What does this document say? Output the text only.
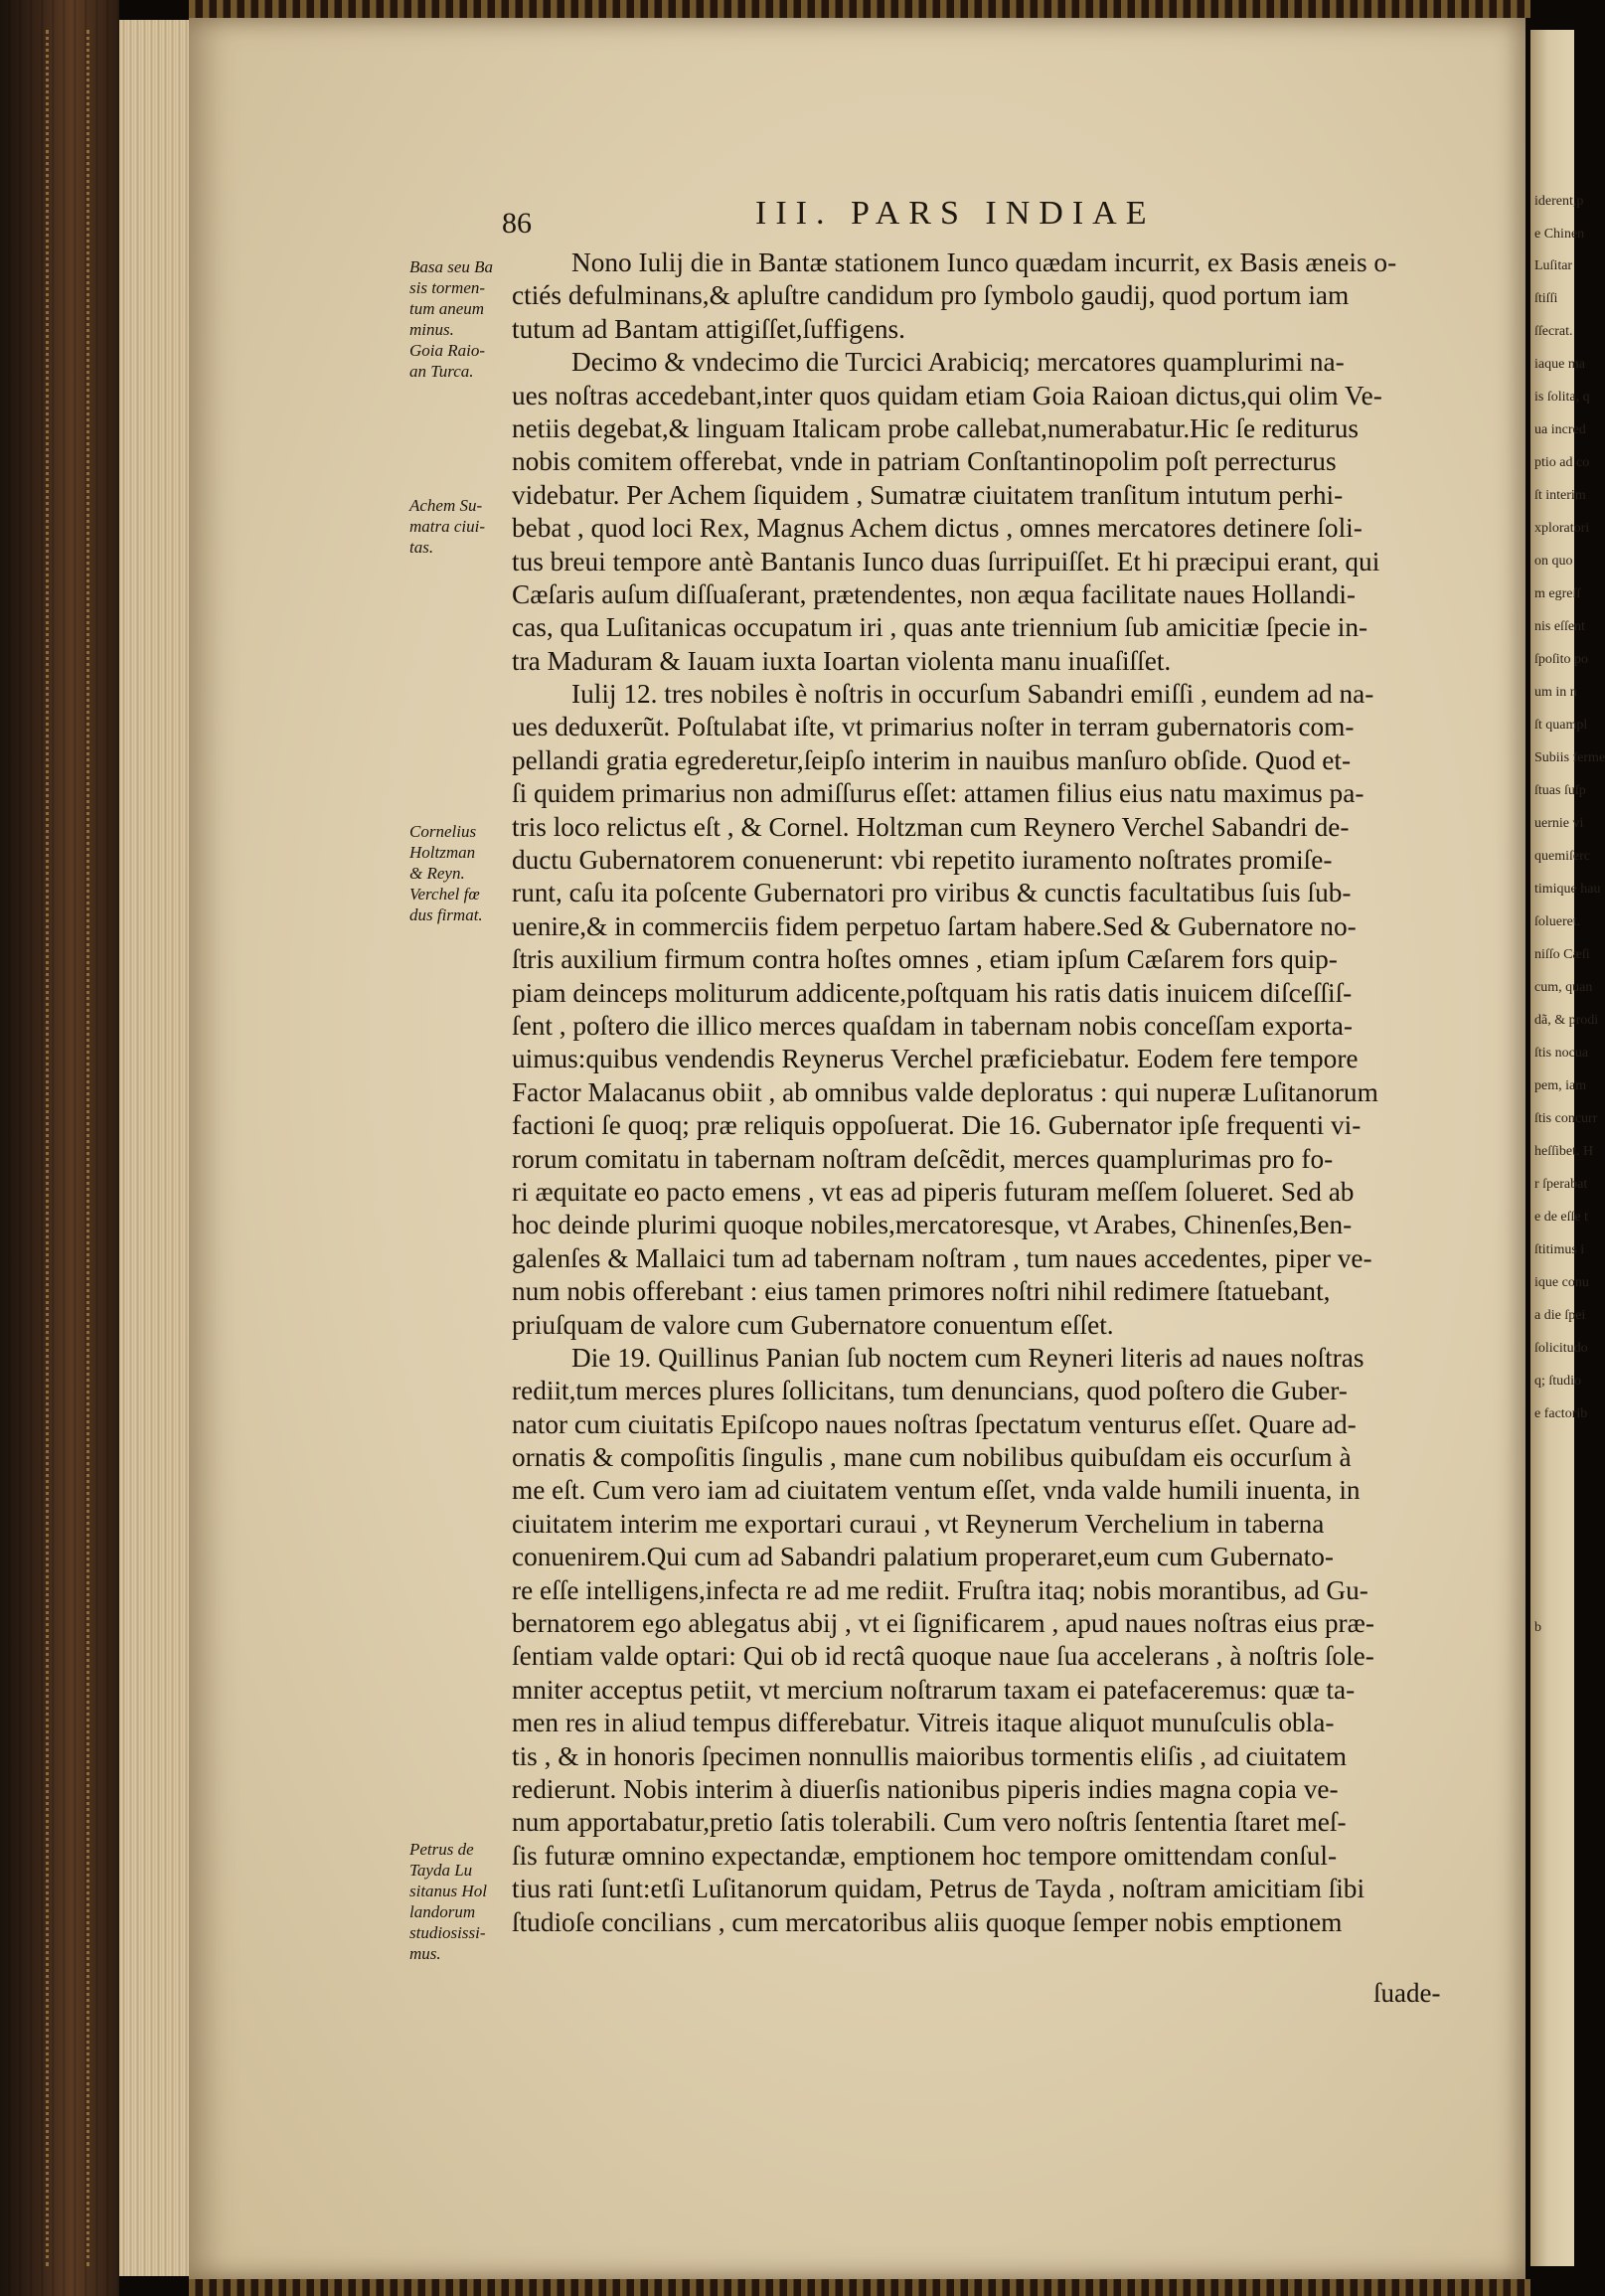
86	III. PARS INDIAE
Basa seu Ba
sis tormen-
tum aneum
minus.
Goia Raio-
an Turca.
Achem Su-
matra ciui-
tas.
Cornelius
Holtzman
& Reyn.
Verchel fœ
dus firmat.
Petrus de
Tayda Lu
sitanus Hol
landorum
studiosissi-
mus.
Nono Iulij die in Bantæ stationem Iunco quædam incurrit, ex Basis æneis o-
ctiés defulminans,& apluſtre candidum pro ſymbolo gaudij, quod portum iam
tutum ad Bantam attigiſſet,ſuffigens.
Decimo & vndecimo die Turcici Arabiciq; mercatores quamplurimi na-
ues noſtras accedebant,inter quos quidam etiam Goia Raioan dictus,qui olim Ve-
netiis degebat,& linguam Italicam probe callebat,numerabatur.Hic ſe rediturus
nobis comitem offerebat, vnde in patriam Conſtantinopolim poſt perrecturus
videbatur. Per Achem ſiquidem , Sumatræ ciuitatem tranſitum intutum perhi-
bebat , quod loci Rex, Magnus Achem dictus , omnes mercatores detinere ſoli-
tus breui tempore antè Bantanis Iunco duas ſurripuiſſet. Et hi præcipui erant, qui
Cæſaris auſum diſſuaſerant, prætendentes, non æqua facilitate naues Hollandi-
cas, qua Luſitanicas occupatum iri , quas ante triennium ſub amicitiæ ſpecie in-
tra Maduram & Iauam iuxta Ioartan violenta manu inuaſiſſet.
Iulij 12. tres nobiles è noſtris in occurſum Sabandri emiſſi , eundem ad na-
ues deduxerũt. Poſtulabat iſte, vt primarius noſter in terram gubernatoris com-
pellandi gratia egrederetur,ſeipſo interim in nauibus manſuro obſide. Quod et-
ſi quidem primarius non admiſſurus eſſet: attamen filius eius natu maximus pa-
tris loco relictus eſt , & Cornel. Holtzman cum Reynero Verchel Sabandri de-
ductu Gubernatorem conuenerunt: vbi repetito iuramento noſtrates promiſe-
runt, caſu ita poſcente Gubernatori pro viribus & cunctis facultatibus ſuis ſub-
uenire,& in commerciis fidem perpetuo ſartam habere.Sed & Gubernatore no-
ſtris auxilium firmum contra hoſtes omnes , etiam ipſum Cæſarem fors quip-
piam deinceps moliturum addicente,poſtquam his ratis datis inuicem diſceſſiſ-
ſent , poſtero die illico merces quaſdam in tabernam nobis conceſſam exporta-
uimus:quibus vendendis Reynerus Verchel præficiebatur. Eodem fere tempore
Factor Malacanus obiit , ab omnibus valde deploratus : qui nuperæ Luſitanorum
factioni ſe quoq; præ reliquis oppoſuerat. Die 16. Gubernator ipſe frequenti vi-
rorum comitatu in tabernam noſtram deſcẽdit, merces quamplurimas pro fo-
ri æquitate eo pacto emens , vt eas ad piperis futuram meſſem ſolueret. Sed ab
hoc deinde plurimi quoque nobiles,mercatoresque, vt Arabes, Chinenſes,Ben-
galenſes & Mallaici tum ad tabernam noſtram , tum naues accedentes, piper ve-
num nobis offerebant : eius tamen primores noſtri nihil redimere ſtatuebant,
priuſquam de valore cum Gubernatore conuentum eſſet.
Die 19. Quillinus Panian ſub noctem cum Reyneri literis ad naues noſtras
rediit,tum merces plures ſollicitans, tum denuncians, quod poſtero die Guber-
nator cum ciuitatis Epiſcopo naues noſtras ſpectatum venturus eſſet. Quare ad-
ornatis & compoſitis ſingulis , mane cum nobilibus quibuſdam eis occurſum à
me eſt. Cum vero iam ad ciuitatem ventum eſſet, vnda valde humili inuenta, in
ciuitatem interim me exportari curaui , vt Reynerum Verchelium in taberna
conuenirem.Qui cum ad Sabandri palatium properaret,eum cum Gubernato-
re eſſe intelligens,infecta re ad me rediit. Fruſtra itaq; nobis morantibus, ad Gu-
bernatorem ego ablegatus abij , vt ei ſignificarem , apud naues noſtras eius præ-
ſentiam valde optari: Qui ob id rectâ quoque naue ſua accelerans , à noſtris ſole-
mniter acceptus petiit, vt mercium noſtrarum taxam ei patefaceremus: quæ ta-
men res in aliud tempus differebatur. Vitreis itaque aliquot munuſculis obla-
tis , & in honoris ſpecimen nonnullis maioribus tormentis eliſis , ad ciuitatem
redierunt. Nobis interim à diuerſis nationibus piperis indies magna copia ve-
num apportabatur,pretio ſatis tolerabili. Cum vero noſtris ſententia ſtaret meſ-
ſis futuræ omnino expectandæ, emptionem hoc tempore omittendam conſul-
tius rati ſunt:etſi Luſitanorum quidam, Petrus de Tayda , noſtram amicitiam ſibi
ſtudioſe concilians , cum mercatoribus aliis quoque ſemper nobis emptionem
ſuade-
iderent,p
e Chinen
Luſitar
ſtiſſi
ſſecrat.
iaque ma
is ſolita, q
ua incred
ptio ad co
ſt interim
xploratori
on quo
m egreſſ
nis eſſent
ſpoſito po
um in n
ſt quampl
Subiis ferme
ſtuas ſuſp
uernie vi
quemiſerc
timique hau
ſolueret.
niſſo Cæſi
cum, quan
dã, & prodi
ſtis nocua
pem, iam
ſtis concurr
heſſibet. H
r ſperabat
e de eſſe t
ſtitimus i
ique conu
a die ſpei
ſolicitudo
q; ſtudio
e factorib
b
